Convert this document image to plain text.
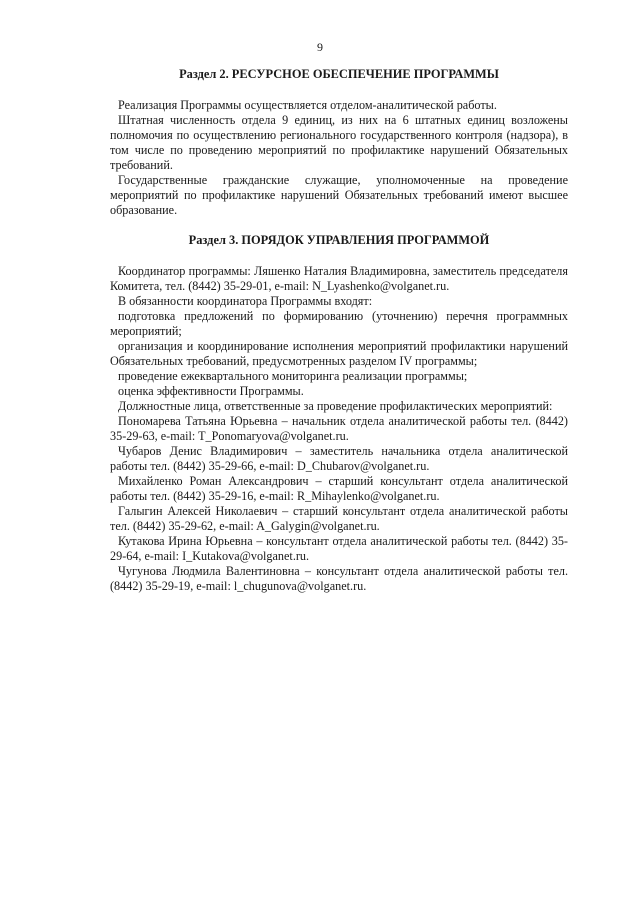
9
Раздел 2. РЕСУРСНОЕ ОБЕСПЕЧЕНИЕ ПРОГРАММЫ

Реализация Программы осуществляется отделом-аналитической работы.

Штатная численность отдела 9 единиц, из них на 6 штатных единиц возложены полномочия по осуществлению регионального государственного контроля (надзора), в том числе по проведению мероприятий по профилактике нарушений Обязательных требований.

Государственные гражданские служащие, уполномоченные на проведение мероприятий по профилактике нарушений Обязательных требований имеют высшее образование.

Раздел 3. ПОРЯДОК УПРАВЛЕНИЯ ПРОГРАММОЙ

Координатор программы: Ляшенко Наталия Владимировна, заместитель председателя Комитета, тел. (8442) 35-29-01, e-mail: N_Lyashenko@volganet.ru.

В обязанности координатора Программы входят:

подготовка предложений по формированию (уточнению) перечня программных мероприятий;

организация и координирование исполнения мероприятий профилактики нарушений Обязательных требований, предусмотренных разделом IV программы;

проведение ежеквартального мониторинга реализации программы;

оценка эффективности Программы.

Должностные лица, ответственные за проведение профилактических мероприятий:

Пономарева Татьяна Юрьевна – начальник отдела аналитической работы тел. (8442) 35-29-63, e-mail: T_Ponomaryova@volganet.ru.

Чубаров Денис Владимирович – заместитель начальника отдела аналитической работы тел. (8442) 35-29-66, e-mail: D_Chubarov@volganet.ru.

Михайленко Роман Александрович – старший консультант отдела аналитической работы тел. (8442) 35-29-16, e-mail: R_Mihaylenko@volganet.ru.

Галыгин Алексей Николаевич – старший консультант отдела аналитической работы тел. (8442) 35-29-62, e-mail: A_Galygin@volganet.ru.

Кутакова Ирина Юрьевна – консультант отдела аналитической работы тел. (8442) 35-29-64, e-mail: I_Kutakova@volganet.ru.

Чугунова Людмила Валентиновна – консультант отдела аналитической работы тел. (8442) 35-29-19, e-mail: l_chugunova@volganet.ru.
